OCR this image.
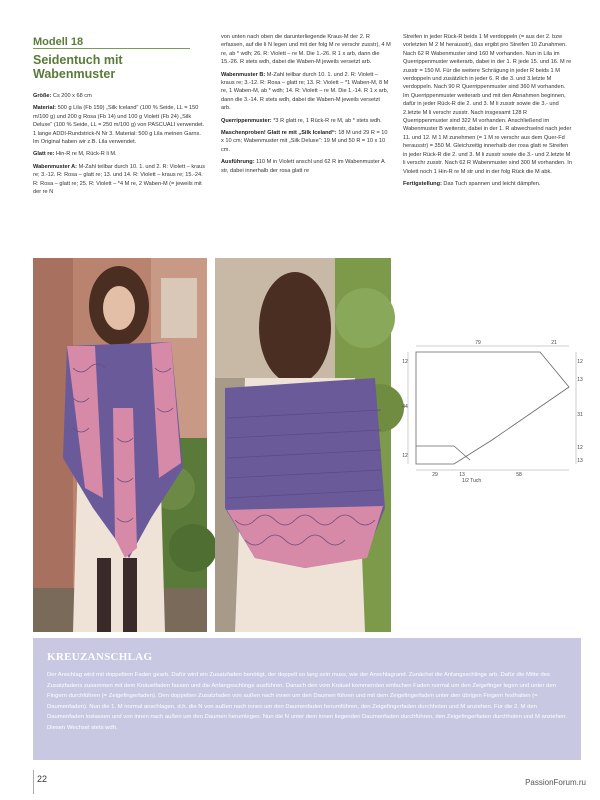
Modell 18
Seidentuch mit Wabenmuster

Größe: Cs 200 x 68 cm

Material: 500 g Lila (Fb 159) „Silk Iceland“ (100 % Seide, LL = 150 m/100 g) und 200 g Rosa (Fb 14) und 100 g Violett (Fb 24) „Silk Deluxe“ (100 % Seide, LL = 250 m/100 g) von PASCUALI verwendet. 1 lange ADDI-Rundstrick-N Nr 3. Material: 500 g Lila meinen Garns. Im Original haben wir z.B. Lila verwendet.

Glatt re: Hin-R re M, Rück-R li M.

Wabenmuster A: M-Zahl teilbar durch 10. 1. und 2. R: Violett – kraus re; 3.-12. R: Rosa – glatt re; 13. und 14. R: Violett – kraus re; 15.-24. R: Rosa – glatt re; 25. R: Violett – *4 M re, 2 Waben-M (= jeweils mit der re N

von unten nach oben die darunterliegende Kraus-M der 2. R erfassen, auf die li N legen und mit der folg M re verschr zusstr), 4 M re, ab * wdh; 26. R: Violett – re M. Die 1.-26. R 1 x arb, dann die 15.-26. R stets wdh, dabei die Waben-M jeweils versetzt arb.

Wabenmuster B: M-Zahl teilbar durch 10. 1. und 2. R: Violett – kraus re; 3.-12. R: Rosa – glatt re; 13. R: Violett – *1 Waben-M, 8 M re, 1 Waben-M, ab * wdh; 14. R: Violett – re M. Die 1.-14. R 1 x arb, dann die 3.-14. R stets wdh, dabei die Waben-M jeweils versetzt arb.

Querrippenmuster: *3 R glatt re, 1 Rück-R re M, ab * stets wdh.

Maschenproben! Glatt re mit „Silk Iceland“: 18 M und 29 R = 10 x 10 cm; Wabenmuster mit „Silk Deluxe“: 19 M und 50 R = 10 x 10 cm.

Ausführung: 110 M in Violett anschl und 62 R im Wabenmuster A str, dabei innerhalb der rosa glatt re

Streifen in jeder Rück-R beids 1 M verdoppeln (= aus der 2. bzw vorletzten M 2 M herausstr), das ergibt pro Streifen 10 Zunahmen. Nach 62 R Wabenmuster sind 160 M vorhanden. Nun in Lila im Querrippenmuster weiterarb, dabei in der 1. R jede 15. und 16. M re zusstr = 150 M. Für die weitere Schrägung in jeder R beids 1 M verdoppeln und zusätzlich in jeder 6. R die 3. und 3.letzte M verdoppeln. Nach 90 R Querrippenmuster sind 360 M vorhanden. Im Querrippenmuster weiterarb und mit den Abnahmen beginnen, dafür in jeder Rück-R die 2. und 3. M li zusstr sowie die 3.- und 2.letzte M li verschr zusstr. Nach insgesamt 128 R Querrippenmuster sind 322 M vorhanden. Anschließend im Wabenmuster B weiterstr, dabei in der 1. R abwechselnd nach jeder 11. und 12. M 1 M zunehmen (= 1 M re verschr aus dem Quer-Fd herausstr) = 350 M. Gleichzeitig innerhalb der rosa glatt re Streifen in jeder Rück-R die 2. und 3. M li zusstr sowie die 3.- und 2.letzte M li verschr zusstr. Nach 62 R Wabenmuster sind 300 M vorhanden. In Violett noch 1 Hin-R re M str und in der folg Rück die M abk.

Fertigstellung: Das Tuch spannen und leicht dämpfen.

79	21
12
44
12
12
13
31
12
13
29	13	58
1/2 Tuch
KREUZANSCHLAG
Der Anschlag wird mit doppeltem Faden gearb. Dafür wird ein Zusatzfaden benötigt, der doppelt so lang sein muss, wie der Anschlagrand. Zunächst die Anfangsschlinge arb. Dafür die Mitte des Zusatzfadens zusammen mit dem Knäuelfaden fassen und die Anfangsschlinge ausführen. Danach den vom Knäuel kommenden einfachen Faden normal um den Zeigefinger legen und unter den Fingern durchführen (= Zeigefingerfaden). Den doppelten Zusatzfaden von außen nach innen um den Daumen führen und mit dem Zeigefingerfaden unter den übrigen Fingern festhalten (= Daumenfaden). Nun die 1. M normal anschlagen, d.h. die N von außen nach innen um den Daumenfaden herumführen, den Zeigefingerfaden durchholen und M anziehen. Für die 2. M den Daumenfaden loslassen und von innen nach außen um den Daumen herumlegen. Nun die N unter dem innen liegenden Daumenfaden durchführen, den Zeigefingerfaden durchholen und M anziehen. Diesen Wechsel stets wdh.
22	PassionForum.ru
